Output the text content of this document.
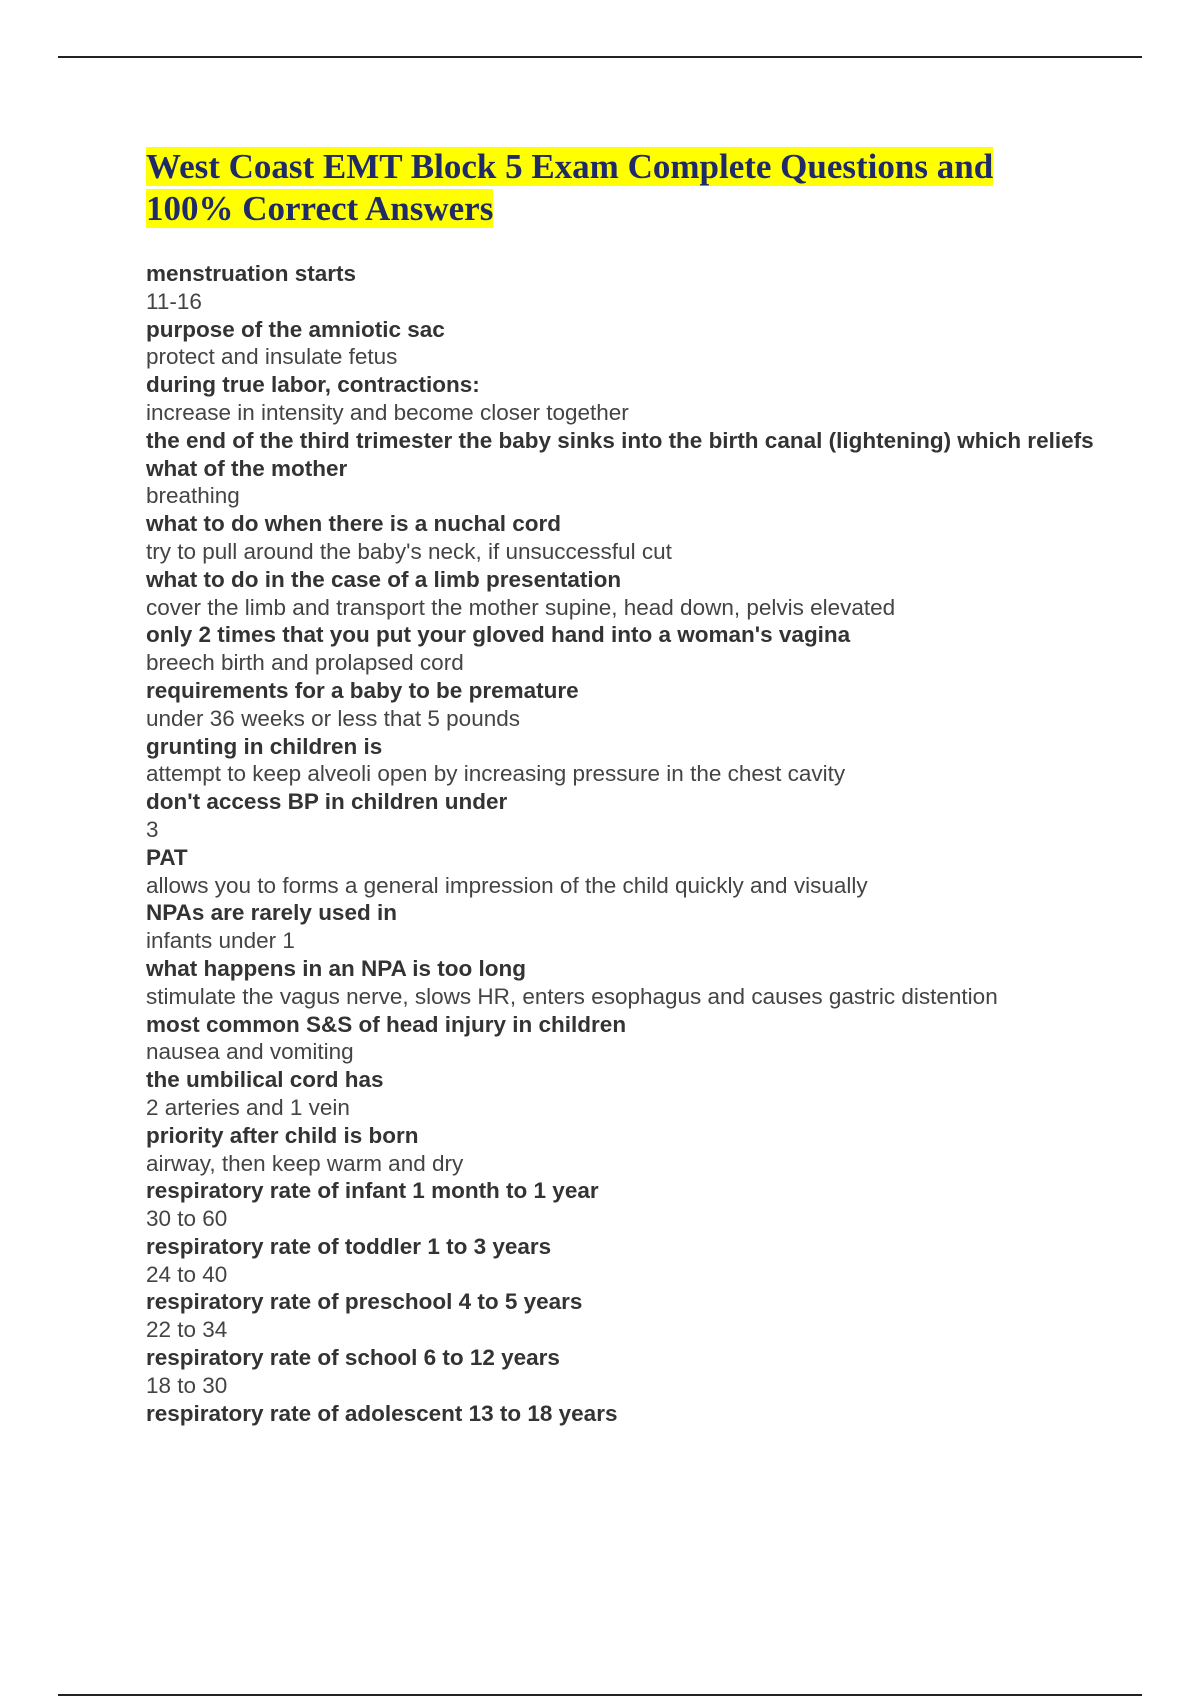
West Coast EMT Block 5 Exam Complete Questions and
100% Correct Answers
menstruation starts
11-16
purpose of the amniotic sac
protect and insulate fetus
during true labor, contractions:
increase in intensity and become closer together
the end of the third trimester the baby sinks into the birth canal (lightening) which reliefs what of the mother
breathing
what to do when there is a nuchal cord
try to pull around the baby's neck, if unsuccessful cut
what to do in the case of a limb presentation
cover the limb and transport the mother supine, head down, pelvis elevated
only 2 times that you put your gloved hand into a woman's vagina
breech birth and prolapsed cord
requirements for a baby to be premature
under 36 weeks or less that 5 pounds
grunting in children is
attempt to keep alveoli open by increasing pressure in the chest cavity
don't access BP in children under
3
PAT
allows you to forms a general impression of the child quickly and visually
NPAs are rarely used in
infants under 1
what happens in an NPA is too long
stimulate the vagus nerve, slows HR, enters esophagus and causes gastric distention
most common S&S of head injury in children
nausea and vomiting
the umbilical cord has
2 arteries and 1 vein
priority after child is born
airway, then keep warm and dry
respiratory rate of infant 1 month to 1 year
30 to 60
respiratory rate of toddler 1 to 3 years
24 to 40
respiratory rate of preschool 4 to 5 years
22 to 34
respiratory rate of school 6 to 12 years
18 to 30
respiratory rate of adolescent 13 to 18 years
